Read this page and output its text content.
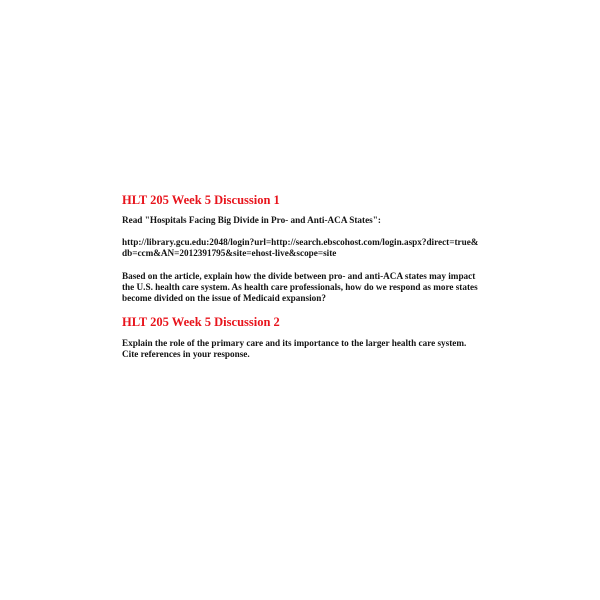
HLT 205 Week 5 Discussion 1

Read "Hospitals Facing Big Divide in Pro- and Anti-ACA States":

http://library.gcu.edu:2048/login?url=http://search.ebscohost.com/login.aspx?direct=true&db=ccm&AN=2012391795&site=ehost-live&scope=site

Based on the article, explain how the divide between pro- and anti-ACA states may impact the U.S. health care system. As health care professionals, how do we respond as more states become divided on the issue of Medicaid expansion?

HLT 205 Week 5 Discussion 2

Explain the role of the primary care and its importance to the larger health care system. Cite references in your response.
